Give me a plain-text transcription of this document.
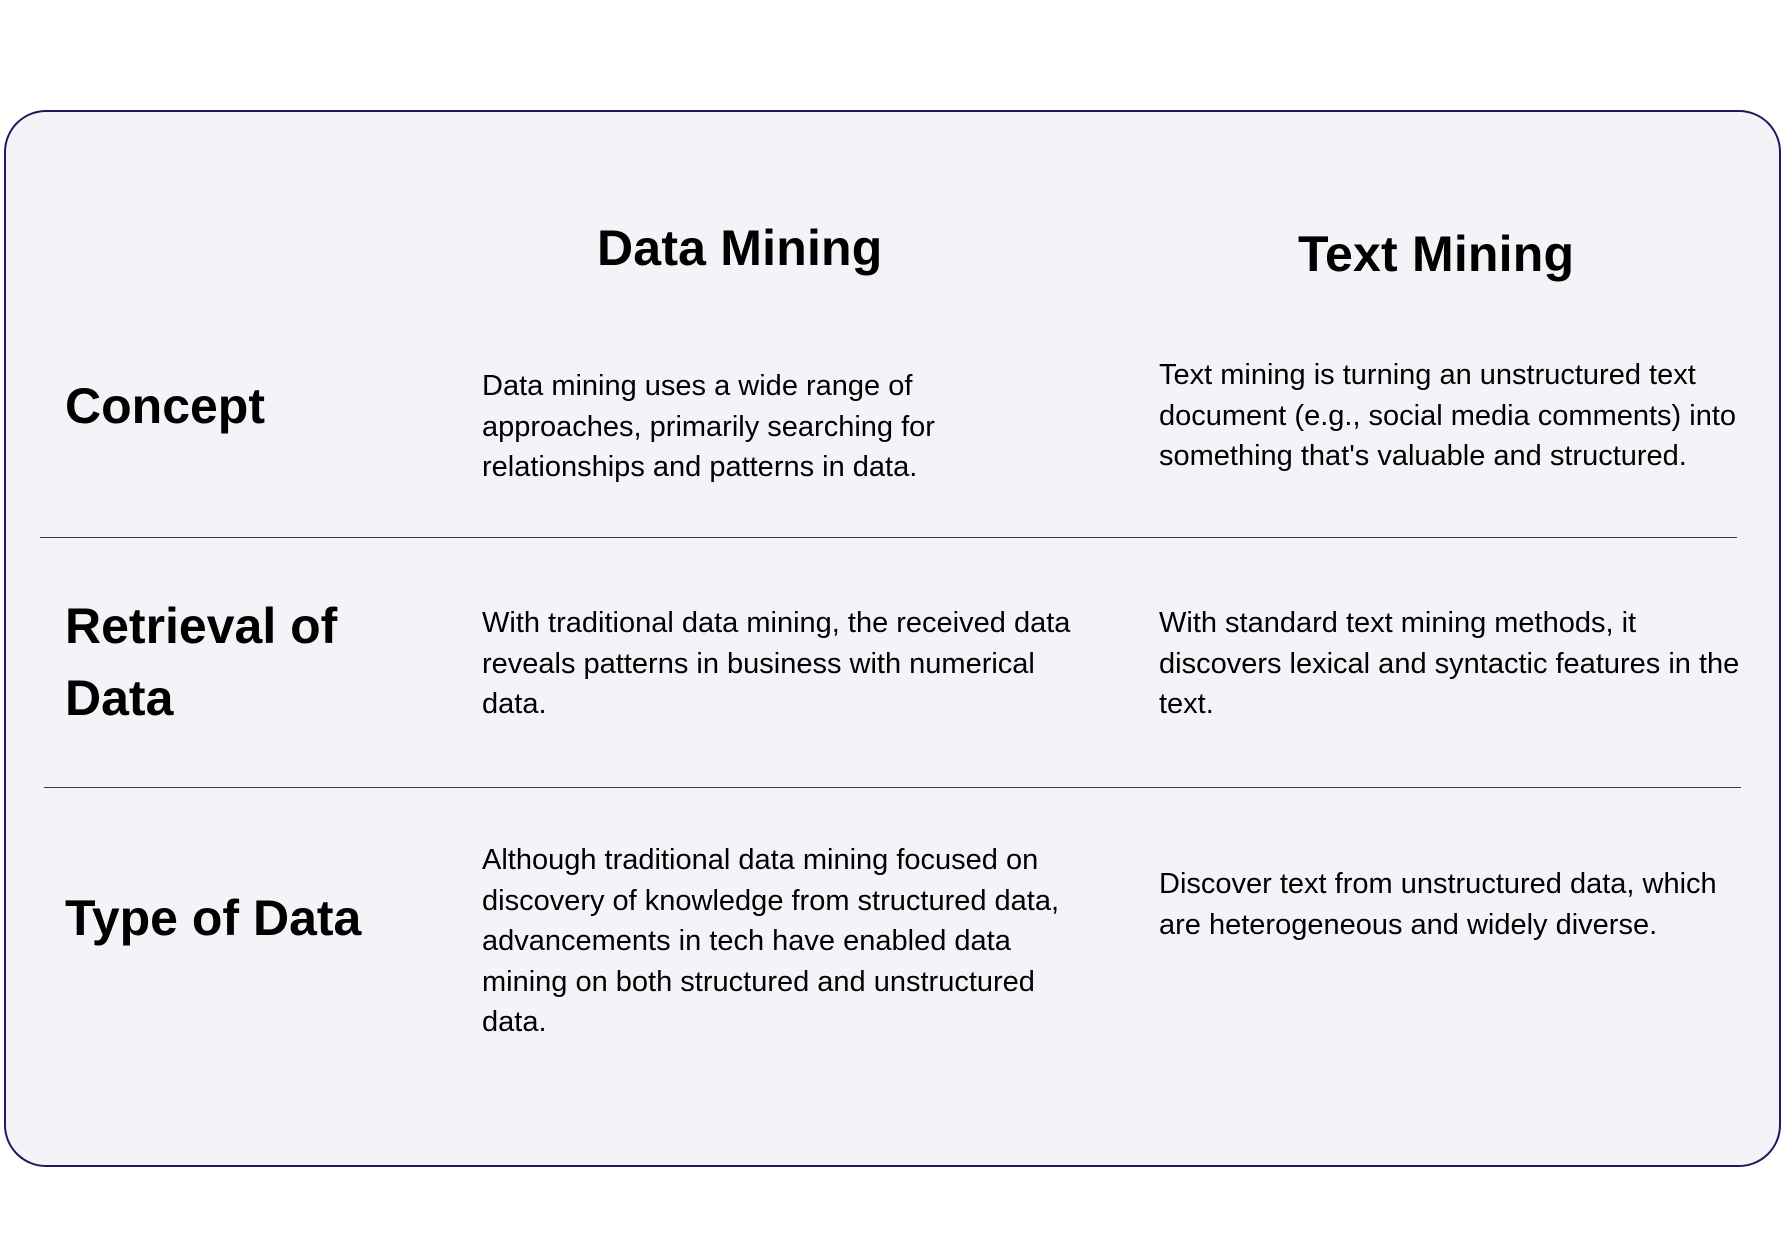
Data Mining	Text Mining
Concept	Data mining uses a wide range of approaches, primarily searching for relationships and patterns in data.
Text mining is turning an unstructured text document (e.g., social media comments) into something that's valuable and structured.
Retrieval of Data
With traditional data mining, the received data reveals patterns in business with numerical data.
With standard text mining methods, it discovers lexical and syntactic features in the text.
Type of Data
Although traditional data mining focused on discovery of knowledge from structured data, advancements in tech have enabled data mining on both structured and unstructured data.
Discover text from unstructured data, which are heterogeneous and widely diverse.
